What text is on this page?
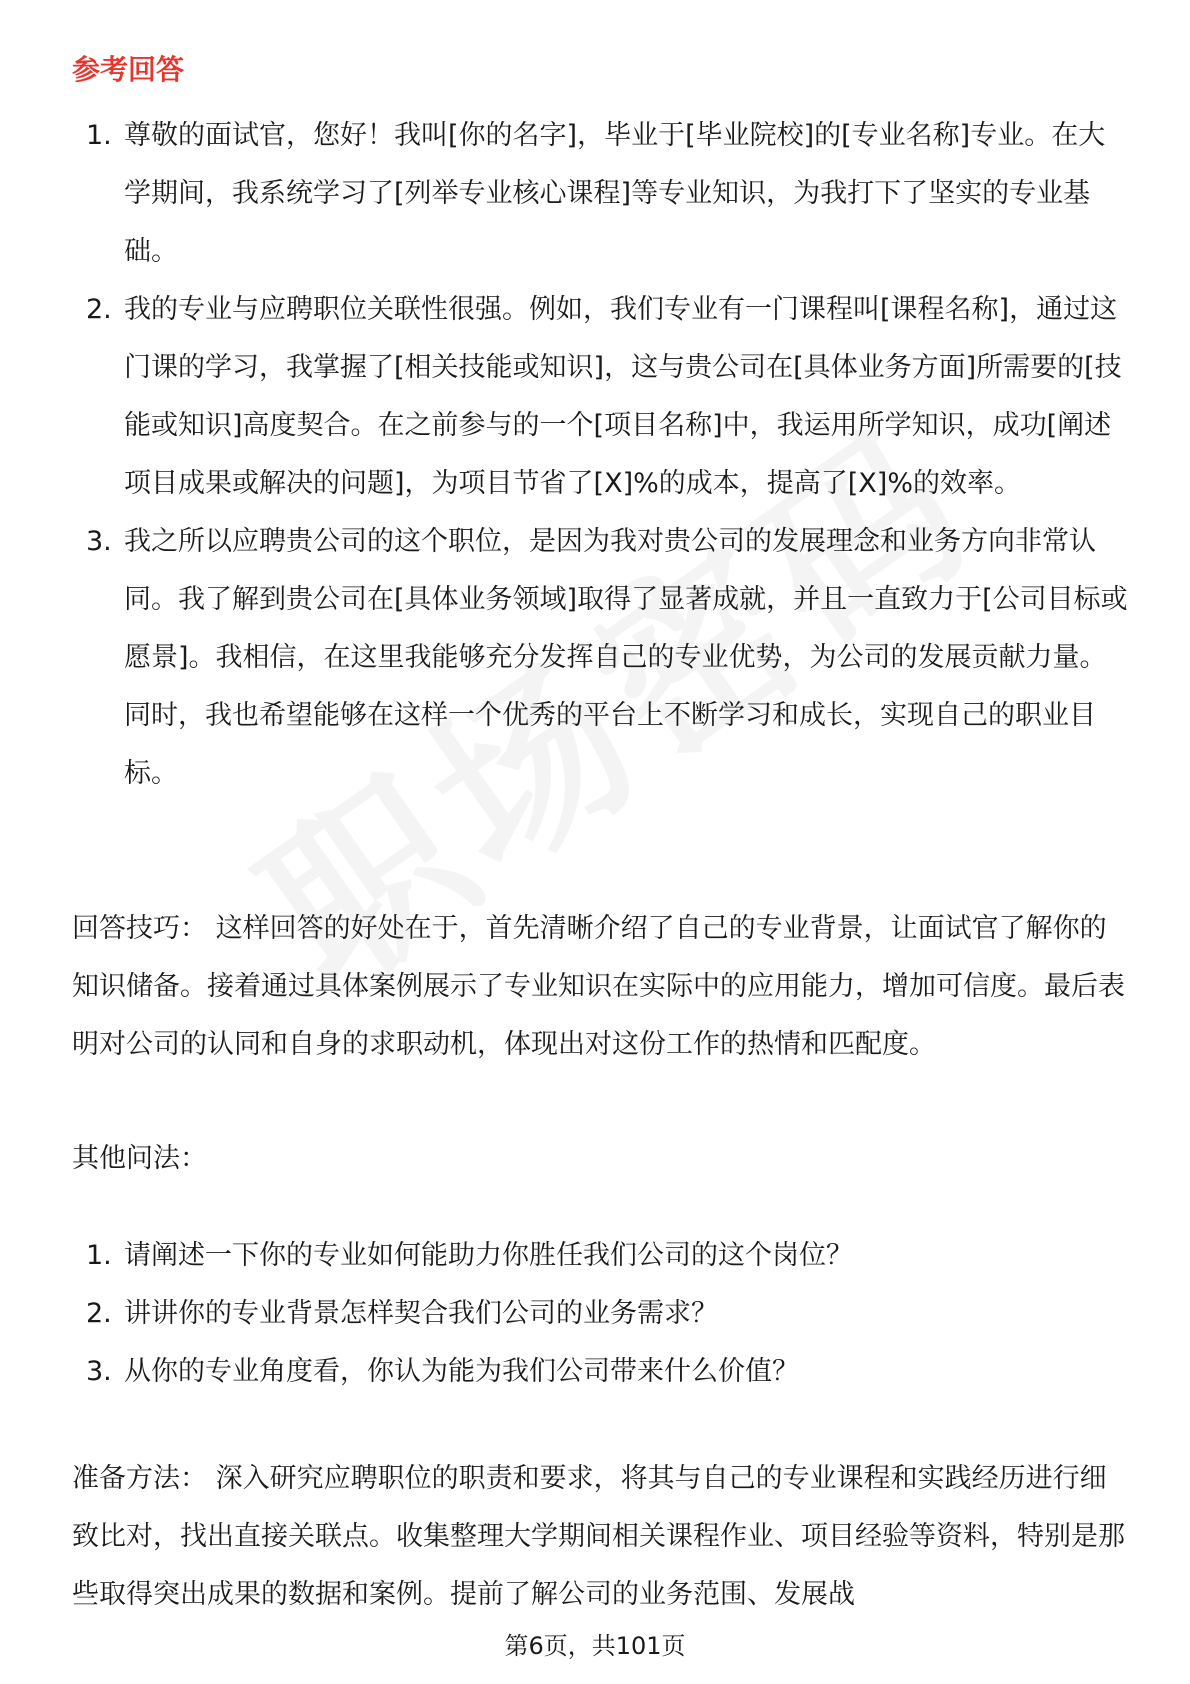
参考回答
1. 尊敬的面试官，您好！我叫[你的名字]，毕业于[毕业院校]的[专业名称]专业。在大学期间，我系统学习了[列举专业核心课程]等专业知识，为我打下了坚实的专业基础。
2. 我的专业与应聘职位关联性很强。例如，我们专业有一门课程叫[课程名称]，通过这门课的学习，我掌握了[相关技能或知识]，这与贵公司在[具体业务方面]所需要的[技能或知识]高度契合。在之前参与的一个[项目名称]中，我运用所学知识，成功[阐述项目成果或解决的问题]，为项目节省了[X]%的成本，提高了[X]%的效率。
3. 我之所以应聘贵公司的这个职位，是因为我对贵公司的发展理念和业务方向非常认同。我了解到贵公司在[具体业务领域]取得了显著成就，并且一直致力于[公司目标或愿景]。我相信，在这里我能够充分发挥自己的专业优势，为公司的发展贡献力量。同时，我也希望能够在这样一个优秀的平台上不断学习和成长，实现自己的职业目标。

回答技巧： 这样回答的好处在于，首先清晰介绍了自己的专业背景，让面试官了解你的知识储备。接着通过具体案例展示了专业知识在实际中的应用能力，增加可信度。最后表明对公司的认同和自身的求职动机，体现出对这份工作的热情和匹配度。

其他问法：

1. 请阐述一下你的专业如何能助力你胜任我们公司的这个岗位？
2. 讲讲你的专业背景怎样契合我们公司的业务需求？
3. 从你的专业角度看，你认为能为我们公司带来什么价值？

准备方法： 深入研究应聘职位的职责和要求，将其与自己的专业课程和实践经历进行细致比对，找出直接关联点。收集整理大学期间相关课程作业、项目经验等资料，特别是那些取得突出成果的数据和案例。提前了解公司的业务范围、发展战

第6页，共101页
